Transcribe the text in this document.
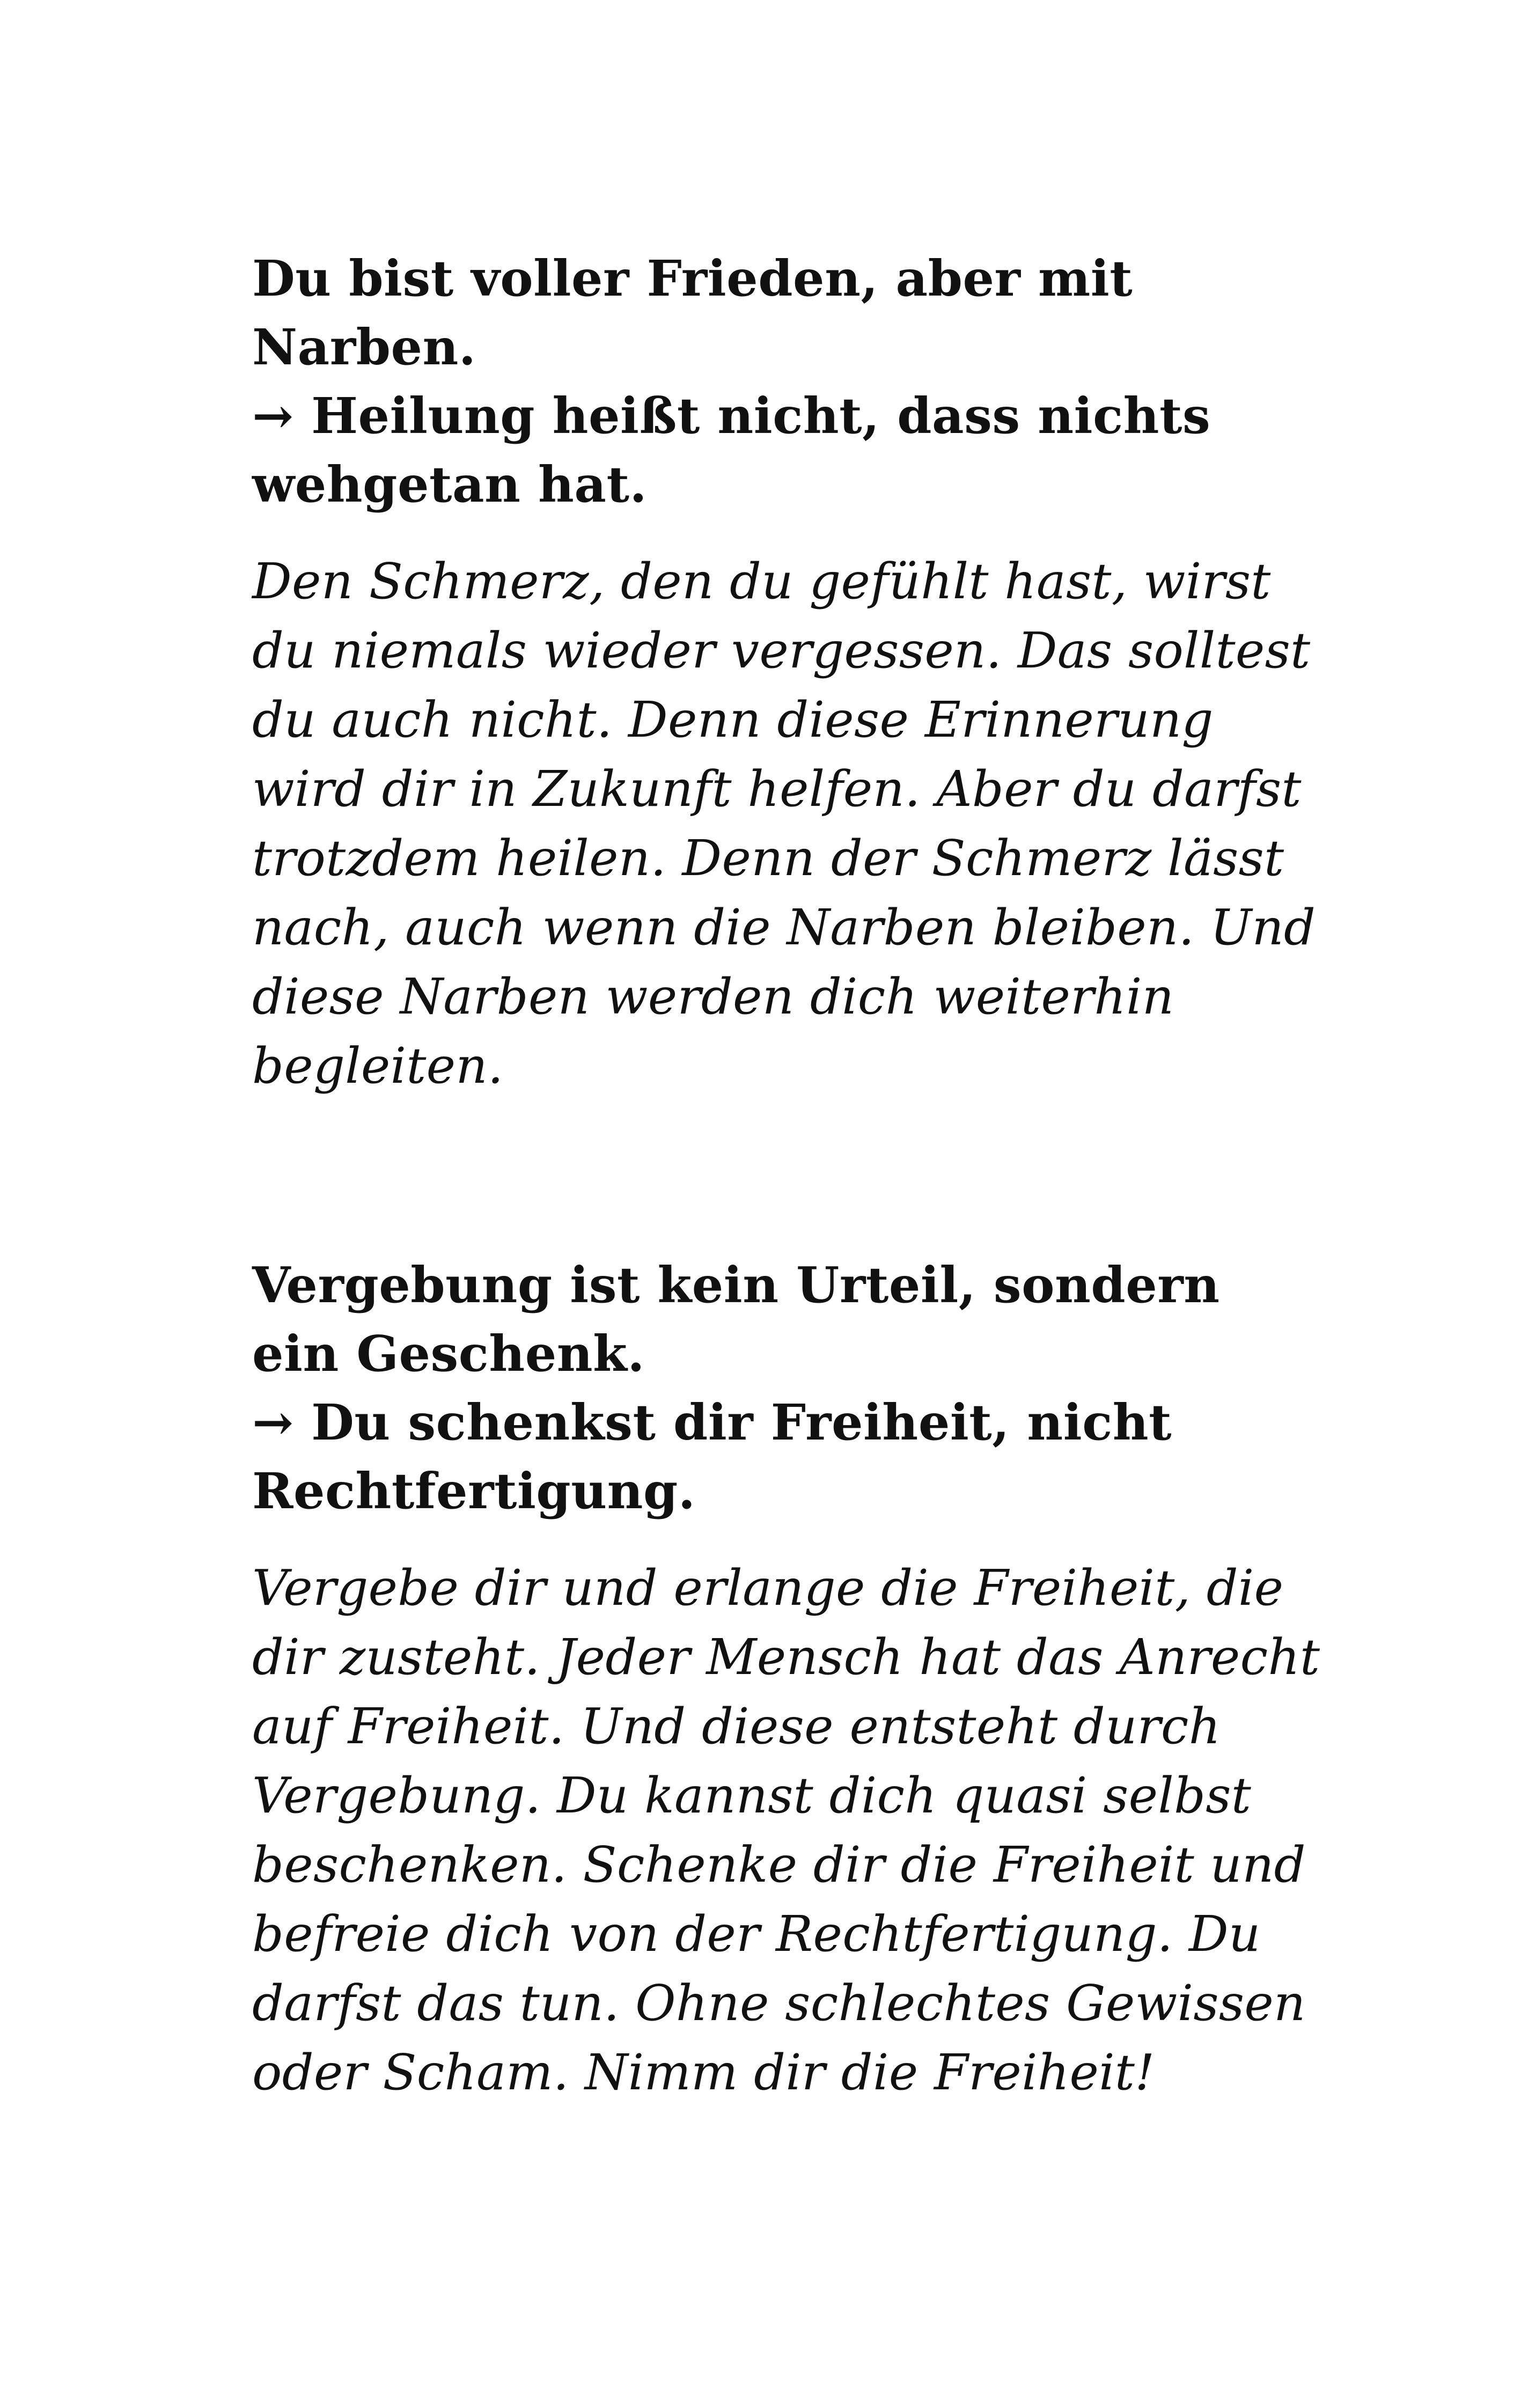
Du bist voller Frieden, aber mit
Narben.
→ Heilung heißt nicht, dass nichts
wehgetan hat.

Den Schmerz, den du gefühlt hast, wirst
du niemals wieder vergessen. Das solltest
du auch nicht. Denn diese Erinnerung
wird dir in Zukunft helfen. Aber du darfst
trotzdem heilen. Denn der Schmerz lässt
nach, auch wenn die Narben bleiben. Und
diese Narben werden dich weiterhin
begleiten.

Vergebung ist kein Urteil, sondern
ein Geschenk.
→ Du schenkst dir Freiheit, nicht
Rechtfertigung.

Vergebe dir und erlange die Freiheit, die
dir zusteht. Jeder Mensch hat das Anrecht
auf Freiheit. Und diese entsteht durch
Vergebung. Du kannst dich quasi selbst
beschenken. Schenke dir die Freiheit und
befreie dich von der Rechtfertigung. Du
darfst das tun. Ohne schlechtes Gewissen
oder Scham. Nimm dir die Freiheit!
